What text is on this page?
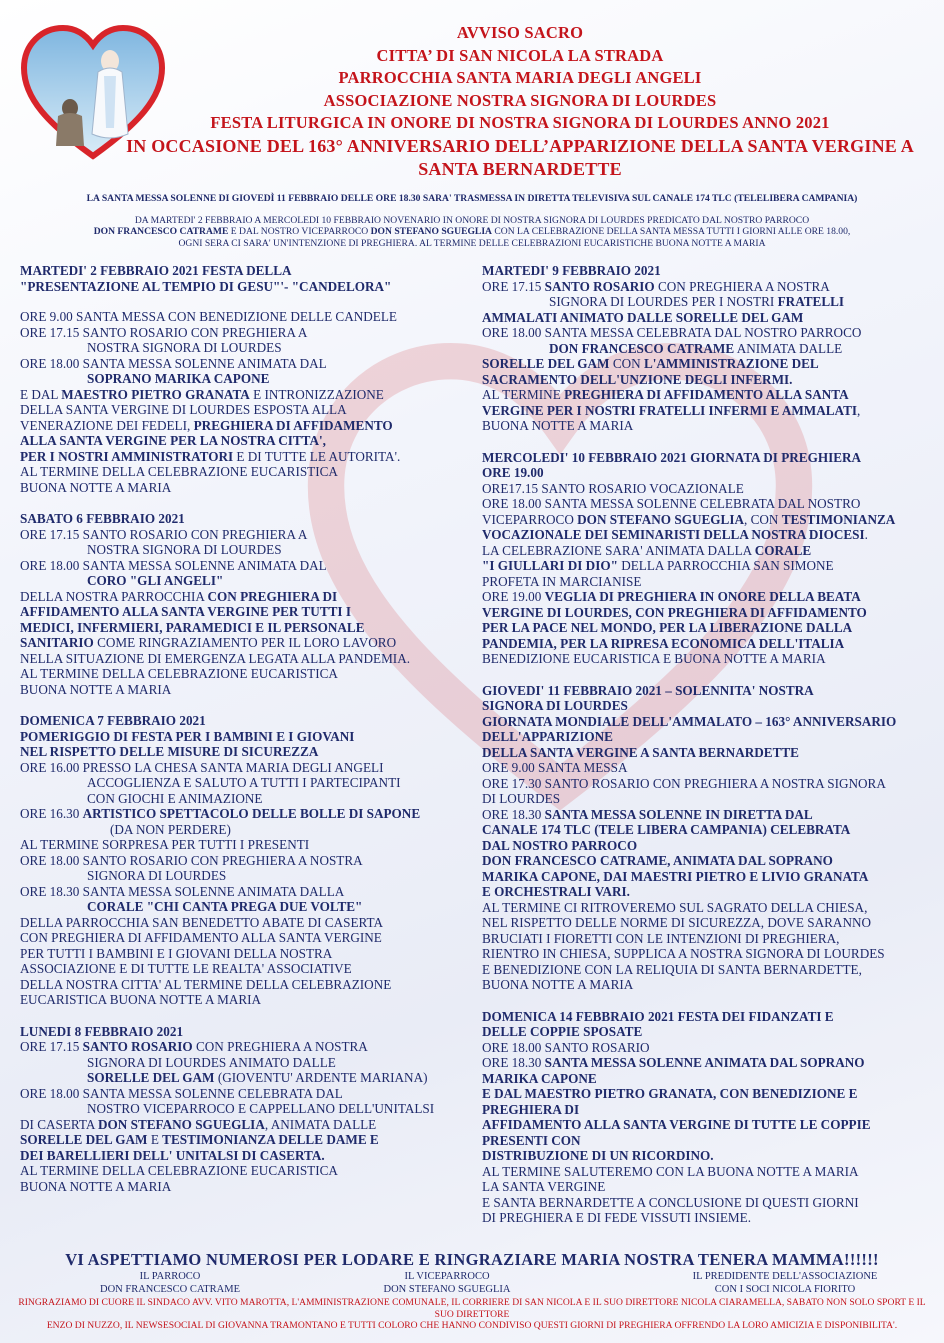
AVVISO SACRO
CITTA’ DI SAN NICOLA LA STRADA
PARROCCHIA SANTA MARIA DEGLI ANGELI
ASSOCIAZIONE NOSTRA SIGNORA DI LOURDES
FESTA LITURGICA IN ONORE DI NOSTRA SIGNORA DI LOURDES ANNO 2021
IN OCCASIONE DEL 163° ANNIVERSARIO DELL’APPARIZIONE DELLA SANTA VERGINE A
SANTA BERNARDETTE
LA SANTA MESSA SOLENNE DI GIOVEDÌ 11 FEBBRAIO DELLE ORE 18.30 SARA' TRASMESSA IN DIRETTA TELEVISIVA SUL CANALE 174 TLC (TELELIBERA CAMPANIA)
DA MARTEDI' 2 FEBBRAIO A MERCOLEDI 10 FEBBRAIO NOVENARIO IN ONORE DI NOSTRA SIGNORA DI LOURDES PREDICATO DAL NOSTRO PARROCO
DON FRANCESCO CATRAME E DAL NOSTRO VICEPARROCO DON STEFANO SGUEGLIA CON LA CELEBRAZIONE DELLA SANTA MESSA TUTTI I GIORNI ALLE ORE 18.00,
OGNI SERA CI SARA' UN'INTENZIONE DI PREGHIERA. AL TERMINE DELLE CELEBRAZIONI EUCARISTICHE BUONA NOTTE A MARIA
MARTEDI' 2 FEBBRAIO 2021 FESTA DELLA
"PRESENTAZIONE AL TEMPIO DI GESU"'- "CANDELORA"
ORE 9.00 SANTA MESSA CON BENEDIZIONE DELLE CANDELE
ORE 17.15 SANTO ROSARIO CON PREGHIERA A
NOSTRA SIGNORA DI LOURDES
ORE 18.00 SANTA MESSA SOLENNE ANIMATA DAL
SOPRANO MARIKA CAPONE
E DAL MAESTRO PIETRO GRANATA E INTRONIZZAZIONE
DELLA SANTA VERGINE DI LOURDES ESPOSTA ALLA
VENERAZIONE DEI FEDELI, PREGHIERA DI AFFIDAMENTO
ALLA SANTA VERGINE PER LA NOSTRA CITTA',
PER I NOSTRI AMMINISTRATORI E DI TUTTE LE AUTORITA'.
AL TERMINE DELLA CELEBRAZIONE EUCARISTICA
BUONA NOTTE A MARIA
SABATO 6 FEBBRAIO 2021
ORE 17.15 SANTO ROSARIO CON PREGHIERA A
NOSTRA SIGNORA DI LOURDES
ORE 18.00 SANTA MESSA SOLENNE ANIMATA DAL
CORO "GLI ANGELI"
DELLA NOSTRA PARROCCHIA CON PREGHIERA DI
AFFIDAMENTO ALLA SANTA VERGINE PER TUTTI I
MEDICI, INFERMIERI, PARAMEDICI E IL PERSONALE
SANITARIO COME RINGRAZIAMENTO PER IL LORO LAVORO
NELLA SITUAZIONE DI EMERGENZA LEGATA ALLA PANDEMIA.
AL TERMINE DELLA CELEBRAZIONE EUCARISTICA
BUONA NOTTE A MARIA
DOMENICA 7 FEBBRAIO 2021
POMERIGGIO DI FESTA PER I BAMBINI E I GIOVANI
NEL RISPETTO DELLE MISURE DI SICUREZZA
ORE 16.00 PRESSO LA CHESA SANTA MARIA DEGLI ANGELI
ACCOGLIENZA E SALUTO A TUTTI I PARTECIPANTI
CON GIOCHI E ANIMAZIONE
ORE 16.30 ARTISTICO SPETTACOLO DELLE BOLLE DI SAPONE
(DA NON PERDERE)
AL TERMINE SORPRESA PER TUTTI I PRESENTI
ORE 18.00 SANTO ROSARIO CON PREGHIERA A NOSTRA
SIGNORA DI LOURDES
ORE 18.30 SANTA MESSA SOLENNE ANIMATA DALLA
CORALE "CHI CANTA PREGA DUE VOLTE"
DELLA PARROCCHIA SAN BENEDETTO ABATE DI CASERTA
CON PREGHIERA DI AFFIDAMENTO ALLA SANTA VERGINE
PER TUTTI I BAMBINI E I GIOVANI DELLA NOSTRA
ASSOCIAZIONE E DI TUTTE LE REALTA' ASSOCIATIVE
DELLA NOSTRA CITTA' AL TERMINE DELLA CELEBRAZIONE
EUCARISTICA BUONA NOTTE A MARIA
LUNEDI 8 FEBBRAIO 2021
ORE 17.15 SANTO ROSARIO CON PREGHIERA A NOSTRA
SIGNORA DI LOURDES ANIMATO DALLE
SORELLE DEL GAM (GIOVENTU' ARDENTE MARIANA)
ORE 18.00 SANTA MESSA SOLENNE CELEBRATA DAL
NOSTRO VICEPARROCO E CAPPELLANO DELL'UNITALSI
DI CASERTA DON STEFANO SGUEGLIA, ANIMATA DALLE
SORELLE DEL GAM E TESTIMONIANZA DELLE DAME E
DEI BARELLIERI DELL' UNITALSI DI CASERTA.
AL TERMINE DELLA CELEBRAZIONE EUCARISTICA
BUONA NOTTE A MARIA
MARTEDI' 9 FEBBRAIO 2021
ORE 17.15 SANTO ROSARIO CON PREGHIERA A NOSTRA
SIGNORA DI LOURDES PER I NOSTRI FRATELLI
AMMALATI ANIMATO DALLE SORELLE DEL GAM
ORE 18.00 SANTA MESSA CELEBRATA DAL NOSTRO PARROCO
DON FRANCESCO CATRAME ANIMATA DALLE
SORELLE DEL GAM CON L'AMMINISTRAZIONE DEL
SACRAMENTO DELL'UNZIONE DEGLI INFERMI.
AL TERMINE PREGHIERA DI AFFIDAMENTO ALLA SANTA
VERGINE PER I NOSTRI FRATELLI INFERMI E AMMALATI,
BUONA NOTTE A MARIA
MERCOLEDI' 10 FEBBRAIO 2021 GIORNATA DI PREGHIERA
ORE 19.00
ORE17.15 SANTO ROSARIO VOCAZIONALE
ORE 18.00 SANTA MESSA SOLENNE CELEBRATA DAL NOSTRO
VICEPARROCO DON STEFANO SGUEGLIA, CON TESTIMONIANZA
VOCAZIONALE DEI SEMINARISTI DELLA NOSTRA DIOCESI.
LA CELEBRAZIONE SARA' ANIMATA DALLA CORALE
"I GIULLARI DI DIO" DELLA PARROCCHIA SAN SIMONE
PROFETA IN MARCIANISE
ORE 19.00 VEGLIA DI PREGHIERA IN ONORE DELLA BEATA
VERGINE DI LOURDES, CON PREGHIERA DI AFFIDAMENTO
PER LA PACE NEL MONDO, PER LA LIBERAZIONE DALLA
PANDEMIA, PER LA RIPRESA ECONOMICA DELL'ITALIA
BENEDIZIONE EUCARISTICA E BUONA NOTTE A MARIA
GIOVEDI' 11 FEBBRAIO 2021 – SOLENNITA' NOSTRA
SIGNORA DI LOURDES
GIORNATA MONDIALE DELL'AMMALATO – 163° ANNIVERSARIO
DELL'APPARIZIONE
DELLA SANTA VERGINE A SANTA BERNARDETTE
ORE 9.00 SANTA MESSA
ORE 17.30 SANTO ROSARIO CON PREGHIERA A NOSTRA SIGNORA
DI LOURDES
ORE 18.30 SANTA MESSA SOLENNE IN DIRETTA DAL
CANALE 174 TLC (TELE LIBERA CAMPANIA) CELEBRATA
DAL NOSTRO PARROCO
DON FRANCESCO CATRAME, ANIMATA DAL SOPRANO
MARIKA CAPONE, DAI MAESTRI PIETRO E LIVIO GRANATA
E ORCHESTRALI VARI.
AL TERMINE CI RITROVEREMO SUL SAGRATO DELLA CHIESA,
NEL RISPETTO DELLE NORME DI SICUREZZA, DOVE SARANNO
BRUCIATI I FIORETTI CON LE INTENZIONI DI PREGHIERA,
RIENTRO IN CHIESA, SUPPLICA A NOSTRA SIGNORA DI LOURDES
E BENEDIZIONE CON LA RELIQUIA DI SANTA BERNARDETTE,
BUONA NOTTE A MARIA
DOMENICA 14 FEBBRAIO 2021 FESTA DEI FIDANZATI E
DELLE COPPIE SPOSATE
ORE 18.00 SANTO ROSARIO
ORE 18.30 SANTA MESSA SOLENNE ANIMATA DAL SOPRANO
MARIKA CAPONE
E DAL MAESTRO PIETRO GRANATA, CON BENEDIZIONE E
PREGHIERA DI
AFFIDAMENTO ALLA SANTA VERGINE DI TUTTE LE COPPIE
PRESENTI CON
DISTRIBUZIONE DI UN RICORDINO.
AL TERMINE SALUTEREMO CON LA BUONA NOTTE A MARIA
LA SANTA VERGINE
E SANTA BERNARDETTE A CONCLUSIONE DI QUESTI GIORNI
DI PREGHIERA E DI FEDE VISSUTI INSIEME.
VI ASPETTIAMO NUMEROSI PER LODARE E RINGRAZIARE MARIA NOSTRA TENERA MAMMA!!!!!!
IL PARROCO
DON FRANCESCO CATRAME
IL VICEPARROCO
DON STEFANO SGUEGLIA
IL PREDIDENTE DELL'ASSOCIAZIONE
CON I SOCI NICOLA FIORITO
RINGRAZIAMO DI CUORE IL SINDACO AVV. VITO MAROTTA, L'AMMINISTRAZIONE COMUNALE, IL CORRIERE DI SAN NICOLA E IL SUO DIRETTORE NICOLA CIARAMELLA, SABATO NON SOLO SPORT E IL SUO DIRETTORE
ENZO DI NUZZO, IL NEWSESOCIAL DI GIOVANNA TRAMONTANO E TUTTI COLORO CHE HANNO CONDIVISO QUESTI GIORNI DI PREGHIERA OFFRENDO LA LORO AMICIZIA E DISPONIBILITA'.
